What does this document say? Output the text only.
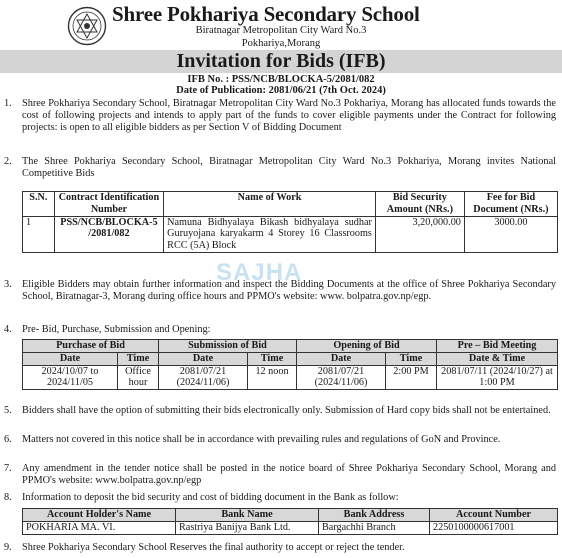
Shree Pokhariya Secondary School
Biratnagar Metropolitan City Ward No.3
Pokhariya,Morang
Invitation for Bids (IFB)
IFB No. : PSS/NCB/BLOCKA-5/2081/082
Date of Publication: 2081/06/21 (7th Oct. 2024)
1. Shree Pokhariya Secondary School, Biratnagar Metropolitan City Ward No.3 Pokhariya, Morang has allocated funds towards the cost of following projects and intends to apply part of the funds to cover eligible payments under the Contract for following projects: is open to all eligible bidders as per Section V of Bidding Document
2. The Shree Pokhariya Secondary School, Biratnagar Metropolitan City Ward No.3 Pokhariya, Morang invites National Competitive Bids
S.N.	Contract Identification Number	Name of Work	Bid Security Amount (NRs.)	Fee for Bid Document (NRs.)
1	PSS/NCB/BLOCKA-5 /2081/082	Namuna Bidhyalaya Bikash bidhyalaya sudhar Guruyojana karyakarm 4 Storey 16 Classrooms RCC (5A) Block	3,20,000.00	3000.00
SAJHA
3. Eligible Bidders may obtain further information and inspect the Bidding Documents at the office of Shree Pokhariya Secondary School, Biratnagar-3, Morang during office hours and PPMO's website: www. bolpatra.gov.np/egp.
4. Pre- Bid, Purchase, Submission and Opening:
Purchase of Bid		Submission of Bid		Opening of Bid		Pre – Bid Meeting
Date	Time	Date	Time	Date	Time	Date & Time
2024/10/07 to 2024/11/05	Office hour	2081/07/21 (2024/11/06)	12 noon	2081/07/21 (2024/11/06)	2:00 PM	2081/07/11 (2024/10/27) at 1:00 PM
5. Bidders shall have the option of submitting their bids electronically only. Submission of Hard copy bids shall not be entertained.
6. Matters not covered in this notice shall be in accordance with prevailing rules and regulations of GoN and Province.
7. Any amendment in the tender notice shall be posted in the notice board of Shree Pokhariya Secondary School, Morang and PPMO's website: www.bolpatra.gov.np/egp
8. Information to deposit the bid security and cost of bidding document in the Bank as follow:
Account Holder's Name	Bank Name	Bank Address	Account Number
POKHARIA MA. VI.	Rastriya Banijya Bank Ltd.	Bargachhi Branch	2250100000617001
9. Shree Pokhariya Secondary School Reserves the final authority to accept or reject the tender.
